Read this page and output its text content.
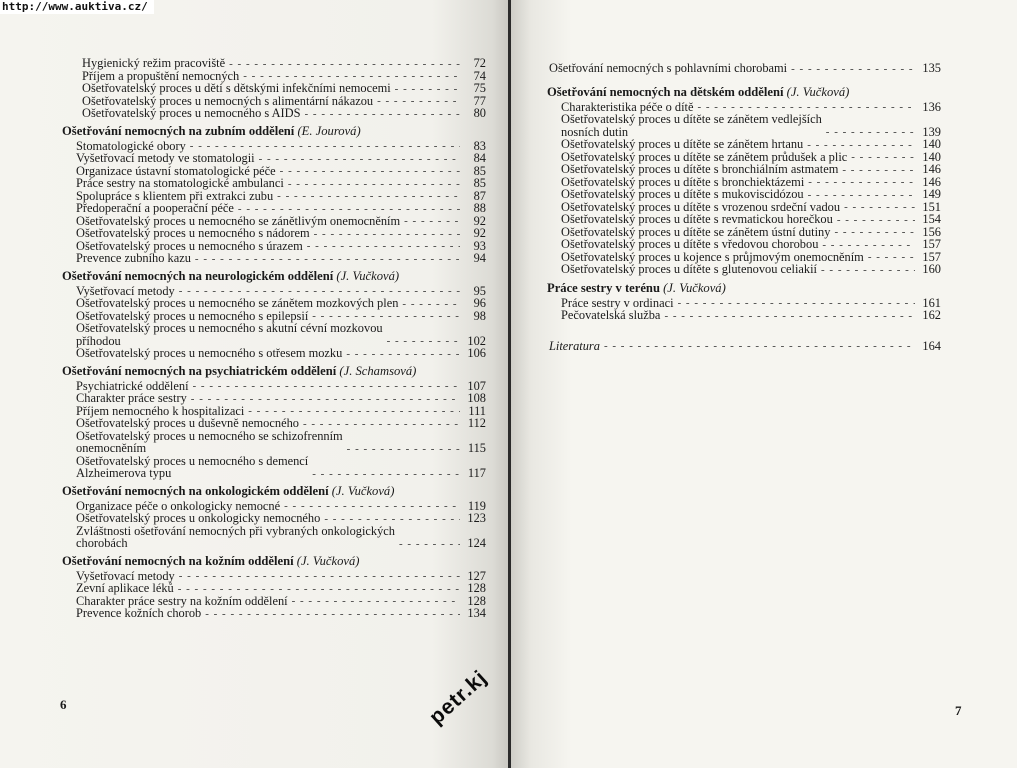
http://www.auktiva.cz/
Hygienický režim pracoviště - - -	72
Příjem a propuštění nemocných - - -	74
Ošetřovatelský proces u dětí s dětskými infekčními nemocemi - - -	75
Ošetřovatelský proces u nemocných s alimentární nákazou - - -	77
Ošetřovatelský proces u nemocného s AIDS - - -	80
Ošetřování nemocných na zubním oddělení (E. Jourová)
Stomatologické obory - - -	83
Vyšetřovací metody ve stomatologii - - -	84
Organizace ústavní stomatologické péče - - -	85
Práce sestry na stomatologické ambulanci - - -	85
Spolupráce s klientem při extrakci zubu - - -	87
Předoperační a pooperační péče - - -	88
Ošetřovatelský proces u nemocného se zánětlivým onemocněním - - -	92
Ošetřovatelský proces u nemocného s nádorem - - -	92
Ošetřovatelský proces u nemocného s úrazem - - -	93
Prevence zubního kazu - - -	94
Ošetřování nemocných na neurologickém oddělení (J. Vučková)
Vyšetřovací metody - - -	95
Ošetřovatelský proces u nemocného se zánětem mozkových plen - - -	96
Ošetřovatelský proces u nemocného s epilepsií - - -	98
Ošetřovatelský proces u nemocného s akutní cévní mozkovou
příhodou - - -	102
Ošetřovatelský proces u nemocného s otřesem mozku - - -	106
Ošetřování nemocných na psychiatrickém oddělení (J. Schamsová)
Psychiatrické oddělení - - -	107
Charakter práce sestry - - -	108
Příjem nemocného k hospitalizaci - - -	111
Ošetřovatelský proces u duševně nemocného - - -	112
Ošetřovatelský proces u nemocného se schizofrenním
onemocněním - - -	115
Ošetřovatelský proces u nemocného s demencí
Alzheimerova typu - - -	117
Ošetřování nemocných na onkologickém oddělení (J. Vučková)
Organizace péče o onkologicky nemocné - - -	119
Ošetřovatelský proces u onkologicky nemocného - - -	123
Zvláštnosti ošetřování nemocných při vybraných onkologických
chorobách - - -	124
Ošetřování nemocných na kožním oddělení (J. Vučková)
Vyšetřovací metody - - -	127
Zevní aplikace léků - - -	128
Charakter práce sestry na kožním oddělení - - -	128
Prevence kožních chorob - - -	134
6
Ošetřování nemocných s pohlavními chorobami - - -	135
Ošetřování nemocných na dětském oddělení (J. Vučková)
Charakteristika péče o dítě - - -	136
Ošetřovatelský proces u dítěte se zánětem vedlejších
nosních dutin - - -	139
Ošetřovatelský proces u dítěte se zánětem hrtanu - - -	140
Ošetřovatelský proces u dítěte se zánětem průdušek a plic - - -	140
Ošetřovatelský proces u dítěte s bronchiálním astmatem - - -	146
Ošetřovatelský proces u dítěte s bronchiektázemi - - -	146
Ošetřovatelský proces u dítěte s mukoviscidózou - - -	149
Ošetřovatelský proces u dítěte s vrozenou srdeční vadou - - -	151
Ošetřovatelský proces u dítěte s revmatickou horečkou - - -	154
Ošetřovatelský proces u dítěte se zánětem ústní dutiny - - -	156
Ošetřovatelský proces u dítěte s vředovou chorobou - - -	157
Ošetřovatelský proces u kojence s průjmovým onemocněním - - -	157
Ošetřovatelský proces u dítěte s glutenovou celiakií - - -	160
Práce sestry v terénu (J. Vučková)
Práce sestry v ordinaci - - -	161
Pečovatelská služba - - -	162
Literatura - - -	164
7
petr.kj
